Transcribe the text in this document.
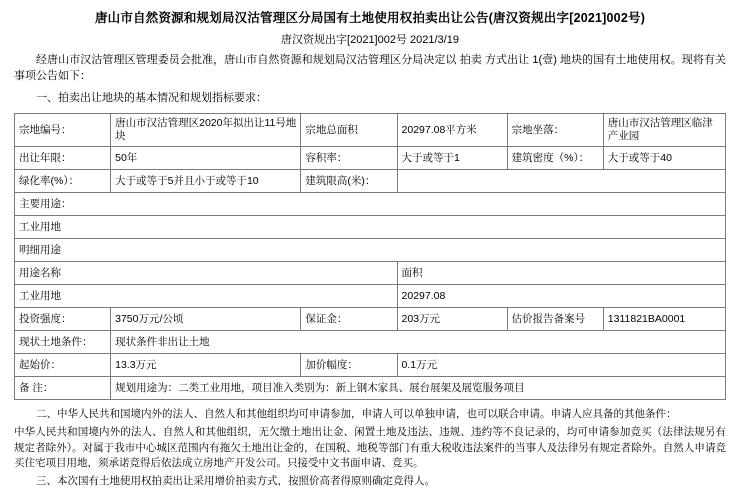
唐山市自然资源和规划局汉沽管理区分局国有土地使用权拍卖出让公告(唐汉资规出字[2021]002号)
唐汉资规出字[2021]002号 2021/3/19

经唐山市汉沽管理区管理委员会批准，唐山市自然资源和规划局汉沽管理区分局决定以 拍卖 方式出让 1(壹) 地块的国有土地使用权。现将有关事项公告如下：

一、拍卖出让地块的基本情况和规划指标要求：
宗地编号：	唐山市汉沽管理区2020年拟出让11号地块	宗地总面积	20297.08平方米	宗地坐落：	唐山市汉沽管理区临津产业园
出让年限：	50年	容积率：	大于或等于1	建筑密度（%）：	大于或等于40
绿化率(%）：	大于或等于5并且小于或等于10	建筑限高(米)：			
主要用途：					
工业用地					
明细用途					
用途名称			面积		
工业用地			20297.08		
投资强度：	3750万元/公顷	保证金：	203万元	估价报告备案号	1311821BA0001
现状土地条件：	现状条件非出让土地				
起始价：	13.3万元	加价幅度：	0.1万元		
备 注：	规划用途为：二类工业用地，项目准入类别为：新上钢木家具、展台展架及展览服务项目				

二、中华人民共和国境内外的法人、自然人和其他组织均可申请参加，申请人可以单独申请，也可以联合申请。申请人应具备的其他条件：

中华人民共和国境内外的法人、自然人和其他组织，无欠缴土地出让金、闲置土地及违法、违规、违约等不良记录的，均可申请参加竞买（法律法规另有规定者除外）。对属于我市中心城区范围内有拖欠土地出让金的，在国税、地税等部门有重大税收违法案件的当事人及法律另有规定者除外。自然人申请竞买住宅项目用地，须承诺竞得后依法成立房地产开发公司。只接受中文书面申请、竞买。

三、本次国有土地使用权拍卖出让采用增价拍卖方式，按照价高者得原则确定竞得人。
